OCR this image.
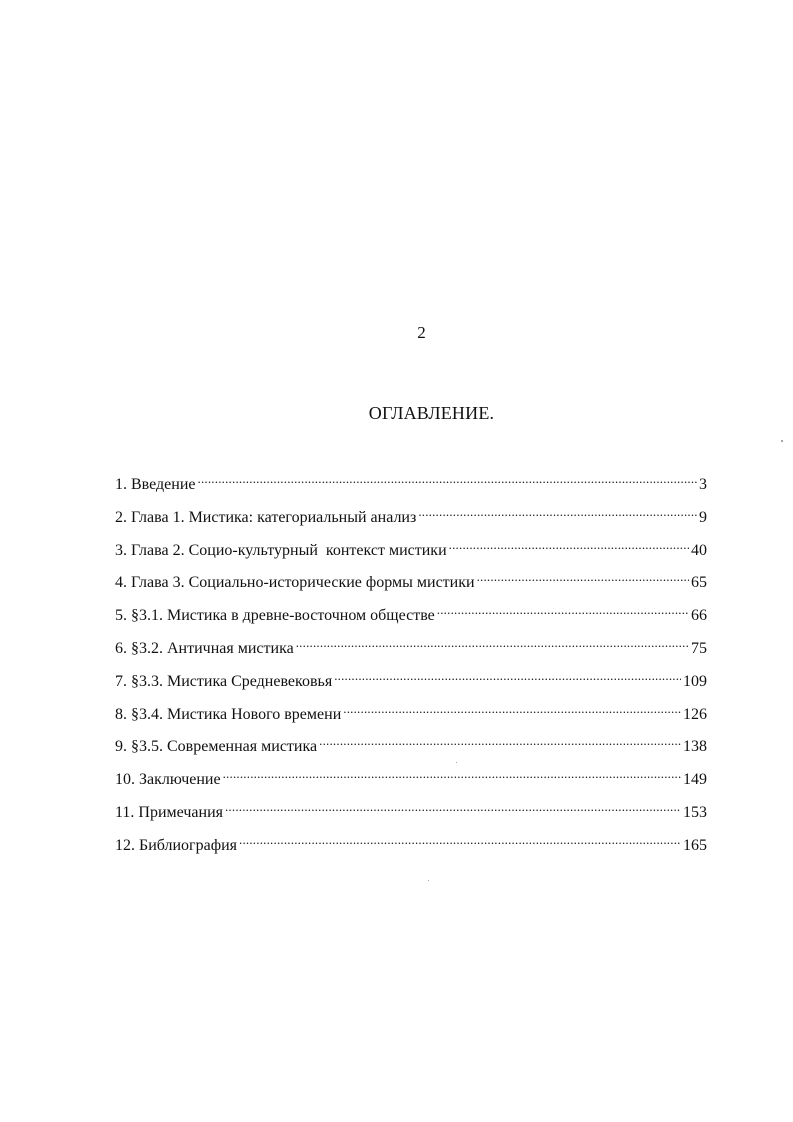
2
ОГЛАВЛЕНИЕ.
1. Введение .....	3
2. Глава 1. Мистика: категориальный анализ .....	9
3. Глава 2. Социо-культурный  контекст мистики .....	40
4. Глава 3. Социально-исторические формы мистики .....	65
5. §3.1. Мистика в древне-восточном обществе .....	66
6. §3.2. Античная мистика .....	75
7. §3.3. Мистика Средневековья .....	109
8. §3.4. Мистика Нового времени .....	126
9. §3.5. Современная мистика .....	138
10. Заключение .....	149
11. Примечания .....	153
12. Библиография .....	165
